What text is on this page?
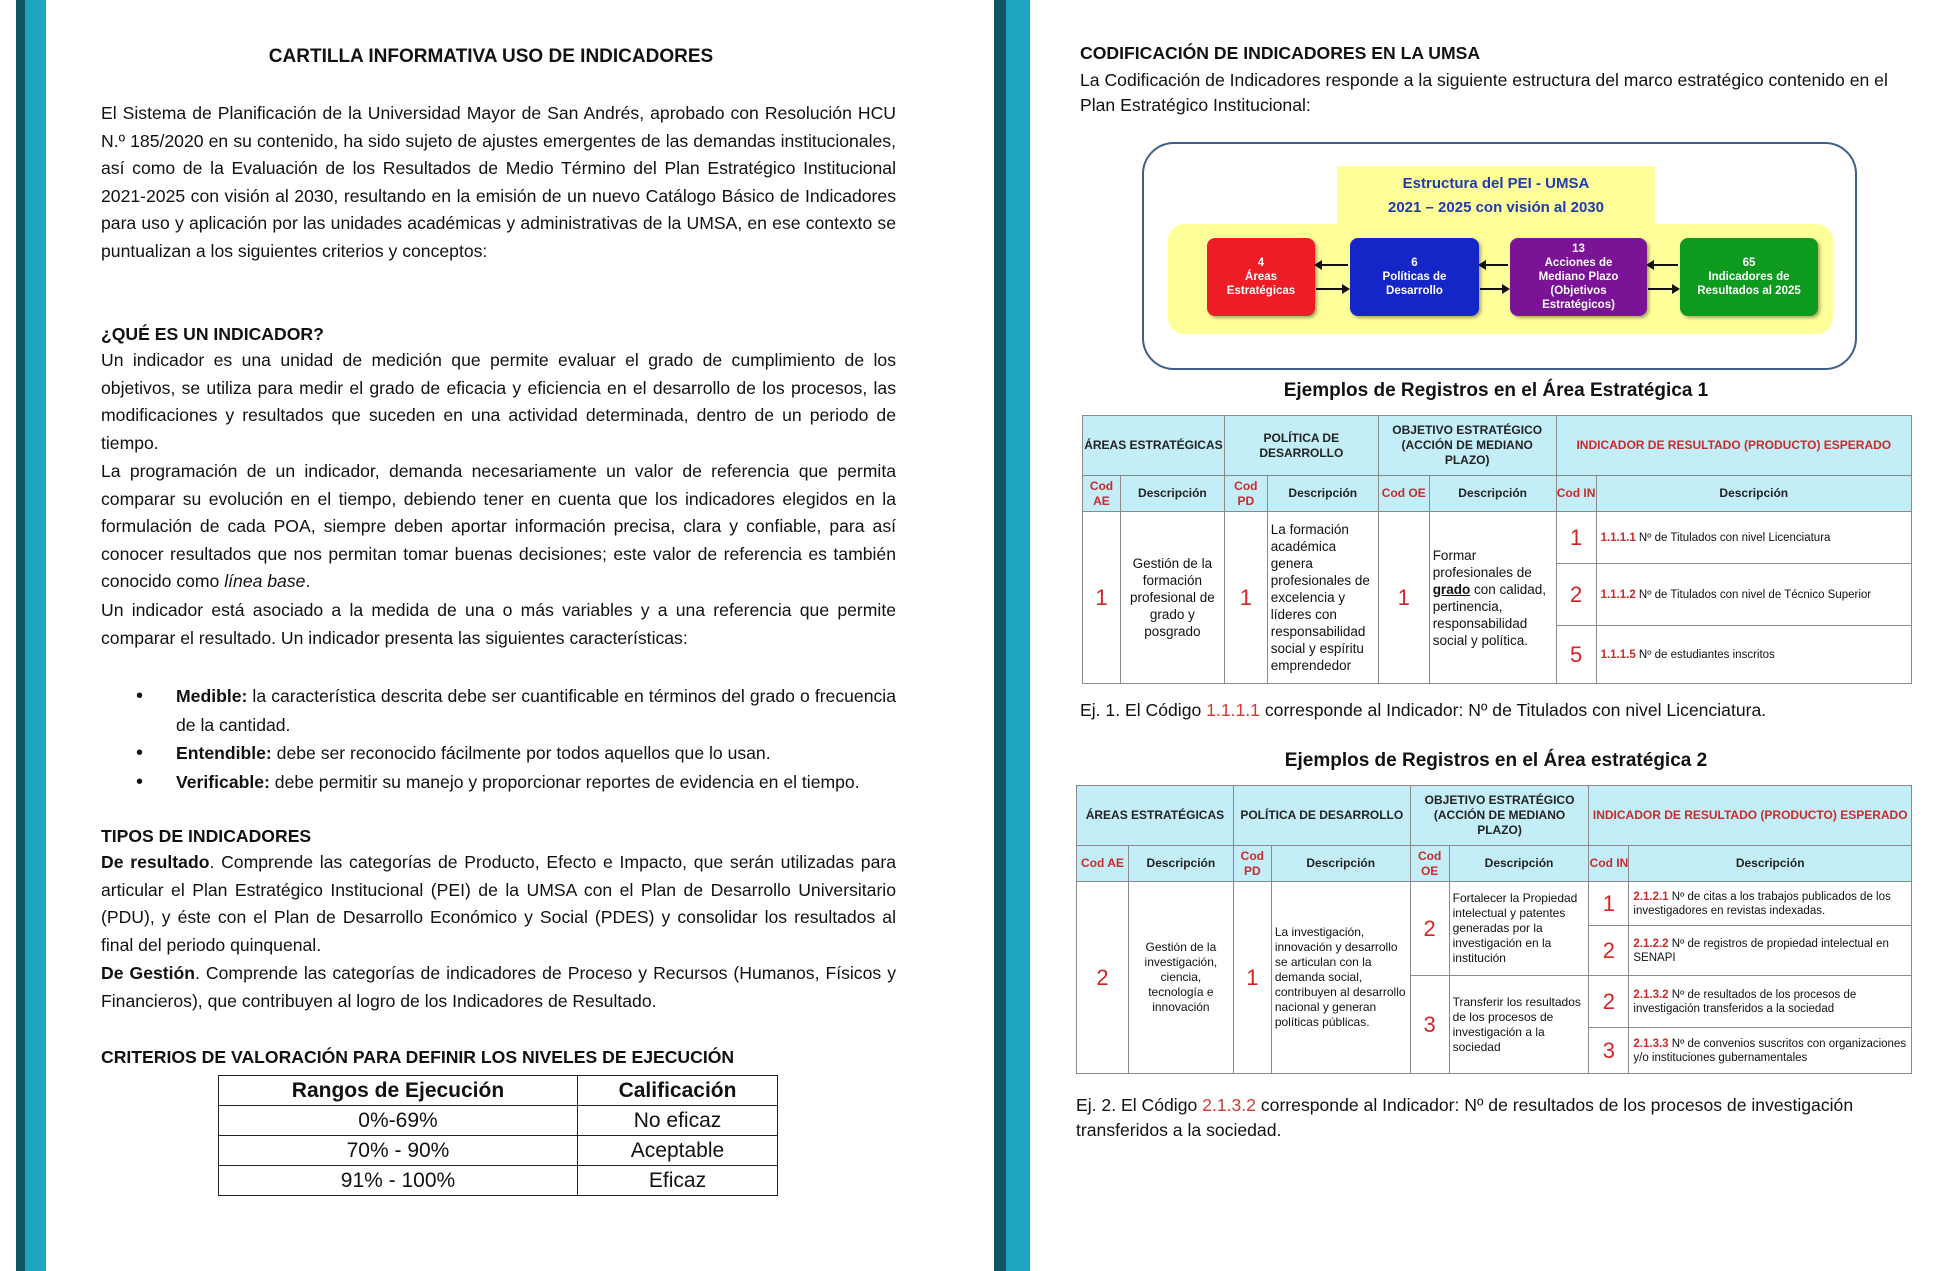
CARTILLA INFORMATIVA USO DE INDICADORES

El Sistema de Planificación de la Universidad Mayor de San Andrés, aprobado con Resolución HCU N.º 185/2020 en su contenido, ha sido sujeto de ajustes emergentes de las demandas institucionales, así como de la Evaluación de los Resultados de Medio Término del Plan Estratégico Institucional 2021-2025 con visión al 2030, resultando en la emisión de un nuevo Catálogo Básico de Indicadores para uso y aplicación por las unidades académicas y administrativas de la UMSA, en ese contexto se puntualizan a los siguientes criterios y conceptos:

¿QUÉ ES UN INDICADOR?

Un indicador es una unidad de medición que permite evaluar el grado de cumplimiento de los objetivos, se utiliza para medir el grado de eficacia y eficiencia en el desarrollo de los procesos, las modificaciones y resultados que suceden en una actividad determinada, dentro de un periodo de tiempo.

La programación de un indicador, demanda necesariamente un valor de referencia que permita comparar su evolución en el tiempo, debiendo tener en cuenta que los indicadores elegidos en la formulación de cada POA, siempre deben aportar información precisa, clara y confiable, para así conocer resultados que nos permitan tomar buenas decisiones; este valor de referencia es también conocido como línea base.

Un indicador está asociado a la medida de una o más variables y a una referencia que permite comparar el resultado. Un indicador presenta las siguientes características:

• Medible: la característica descrita debe ser cuantificable en términos del grado o frecuencia de la cantidad.
• Entendible: debe ser reconocido fácilmente por todos aquellos que lo usan.
• Verificable: debe permitir su manejo y proporcionar reportes de evidencia en el tiempo.
TIPOS DE INDICADORES

De resultado. Comprende las categorías de Producto, Efecto e Impacto, que serán utilizadas para articular el Plan Estratégico Institucional (PEI) de la UMSA con el Plan de Desarrollo Universitario (PDU), y éste con el Plan de Desarrollo Económico y Social (PDES) y consolidar los resultados al final del periodo quinquenal.

De Gestión. Comprende las categorías de indicadores de Proceso y Recursos (Humanos, Físicos y Financieros), que contribuyen al logro de los Indicadores de Resultado.

CRITERIOS DE VALORACIÓN PARA DEFINIR LOS NIVELES DE EJECUCIÓN
Rangos de Ejecución	Calificación
0%-69%	No eficaz
70% - 90%	Aceptable
91% - 100%	Eficaz
CODIFICACIÓN DE INDICADORES EN LA UMSA

La Codificación de Indicadores responde a la siguiente estructura del marco estratégico contenido en el Plan Estratégico Institucional:

Estructura del PEI - UMSA
2021 – 2025 con visión al 2030
4
Áreas
Estratégicas
6
Políticas de
Desarrollo
13
Acciones de
Mediano Plazo
(Objetivos
Estratégicos)
65
Indicadores de
Resultados al 2025
Ejemplos de Registros en el Área Estratégica 1
ÁREAS ESTRATÉGICAS		POLÍTICA DE DESARROLLO		OBJETIVO ESTRATÉGICO (ACCIÓN DE MEDIANO PLAZO)		INDICADOR DE RESULTADO (PRODUCTO) ESPERADO	
Cod AE	Descripción	Cod PD	Descripción	Cod OE	Descripción	Cod IN	Descripción
1	Gestión de la formación profesional de grado y posgrado	1	La formación académica genera profesionales de excelencia y líderes con responsabilidad social y espíritu emprendedor	1	Formar profesionales de grado con calidad, pertinencia, responsabilidad social y política.	1	1.1.1.1 Nº de Titulados con nivel Licenciatura
						2	1.1.1.2 Nº de Titulados con nivel de Técnico Superior
						5	1.1.1.5 Nº de estudiantes inscritos
Ej. 1. El Código 1.1.1.1 corresponde al Indicador: Nº de Titulados con nivel Licenciatura.
Ejemplos de Registros en el Área estratégica 2
ÁREAS ESTRATÉGICAS		POLÍTICA DE DESARROLLO		OBJETIVO ESTRATÉGICO (ACCIÓN DE MEDIANO PLAZO)		INDICADOR DE RESULTADO (PRODUCTO) ESPERADO	
Cod AE	Descripción	Cod PD	Descripción	Cod OE	Descripción	Cod IN	Descripción
2	Gestión de la investigación, ciencia, tecnología e innovación	1	La investigación, innovación y desarrollo se articulan con la demanda social, contribuyen al desarrollo nacional y generan políticas públicas.	2	Fortalecer la Propiedad intelectual y patentes generadas por la investigación en la institución	1	2.1.2.1 Nº de citas a los trabajos publicados de los investigadores en revistas indexadas.
						2	2.1.2.2 Nº de registros de propiedad intelectual en SENAPI
				3	Transferir los resultados de los procesos de investigación a la sociedad	2	2.1.3.2 Nº de resultados de los procesos de investigación transferidos a la sociedad
						3	2.1.3.3 Nº de convenios suscritos con organizaciones y/o instituciones gubernamentales
Ej. 2. El Código 2.1.3.2 corresponde al Indicador: Nº de resultados de los procesos de investigación transferidos a la sociedad.
